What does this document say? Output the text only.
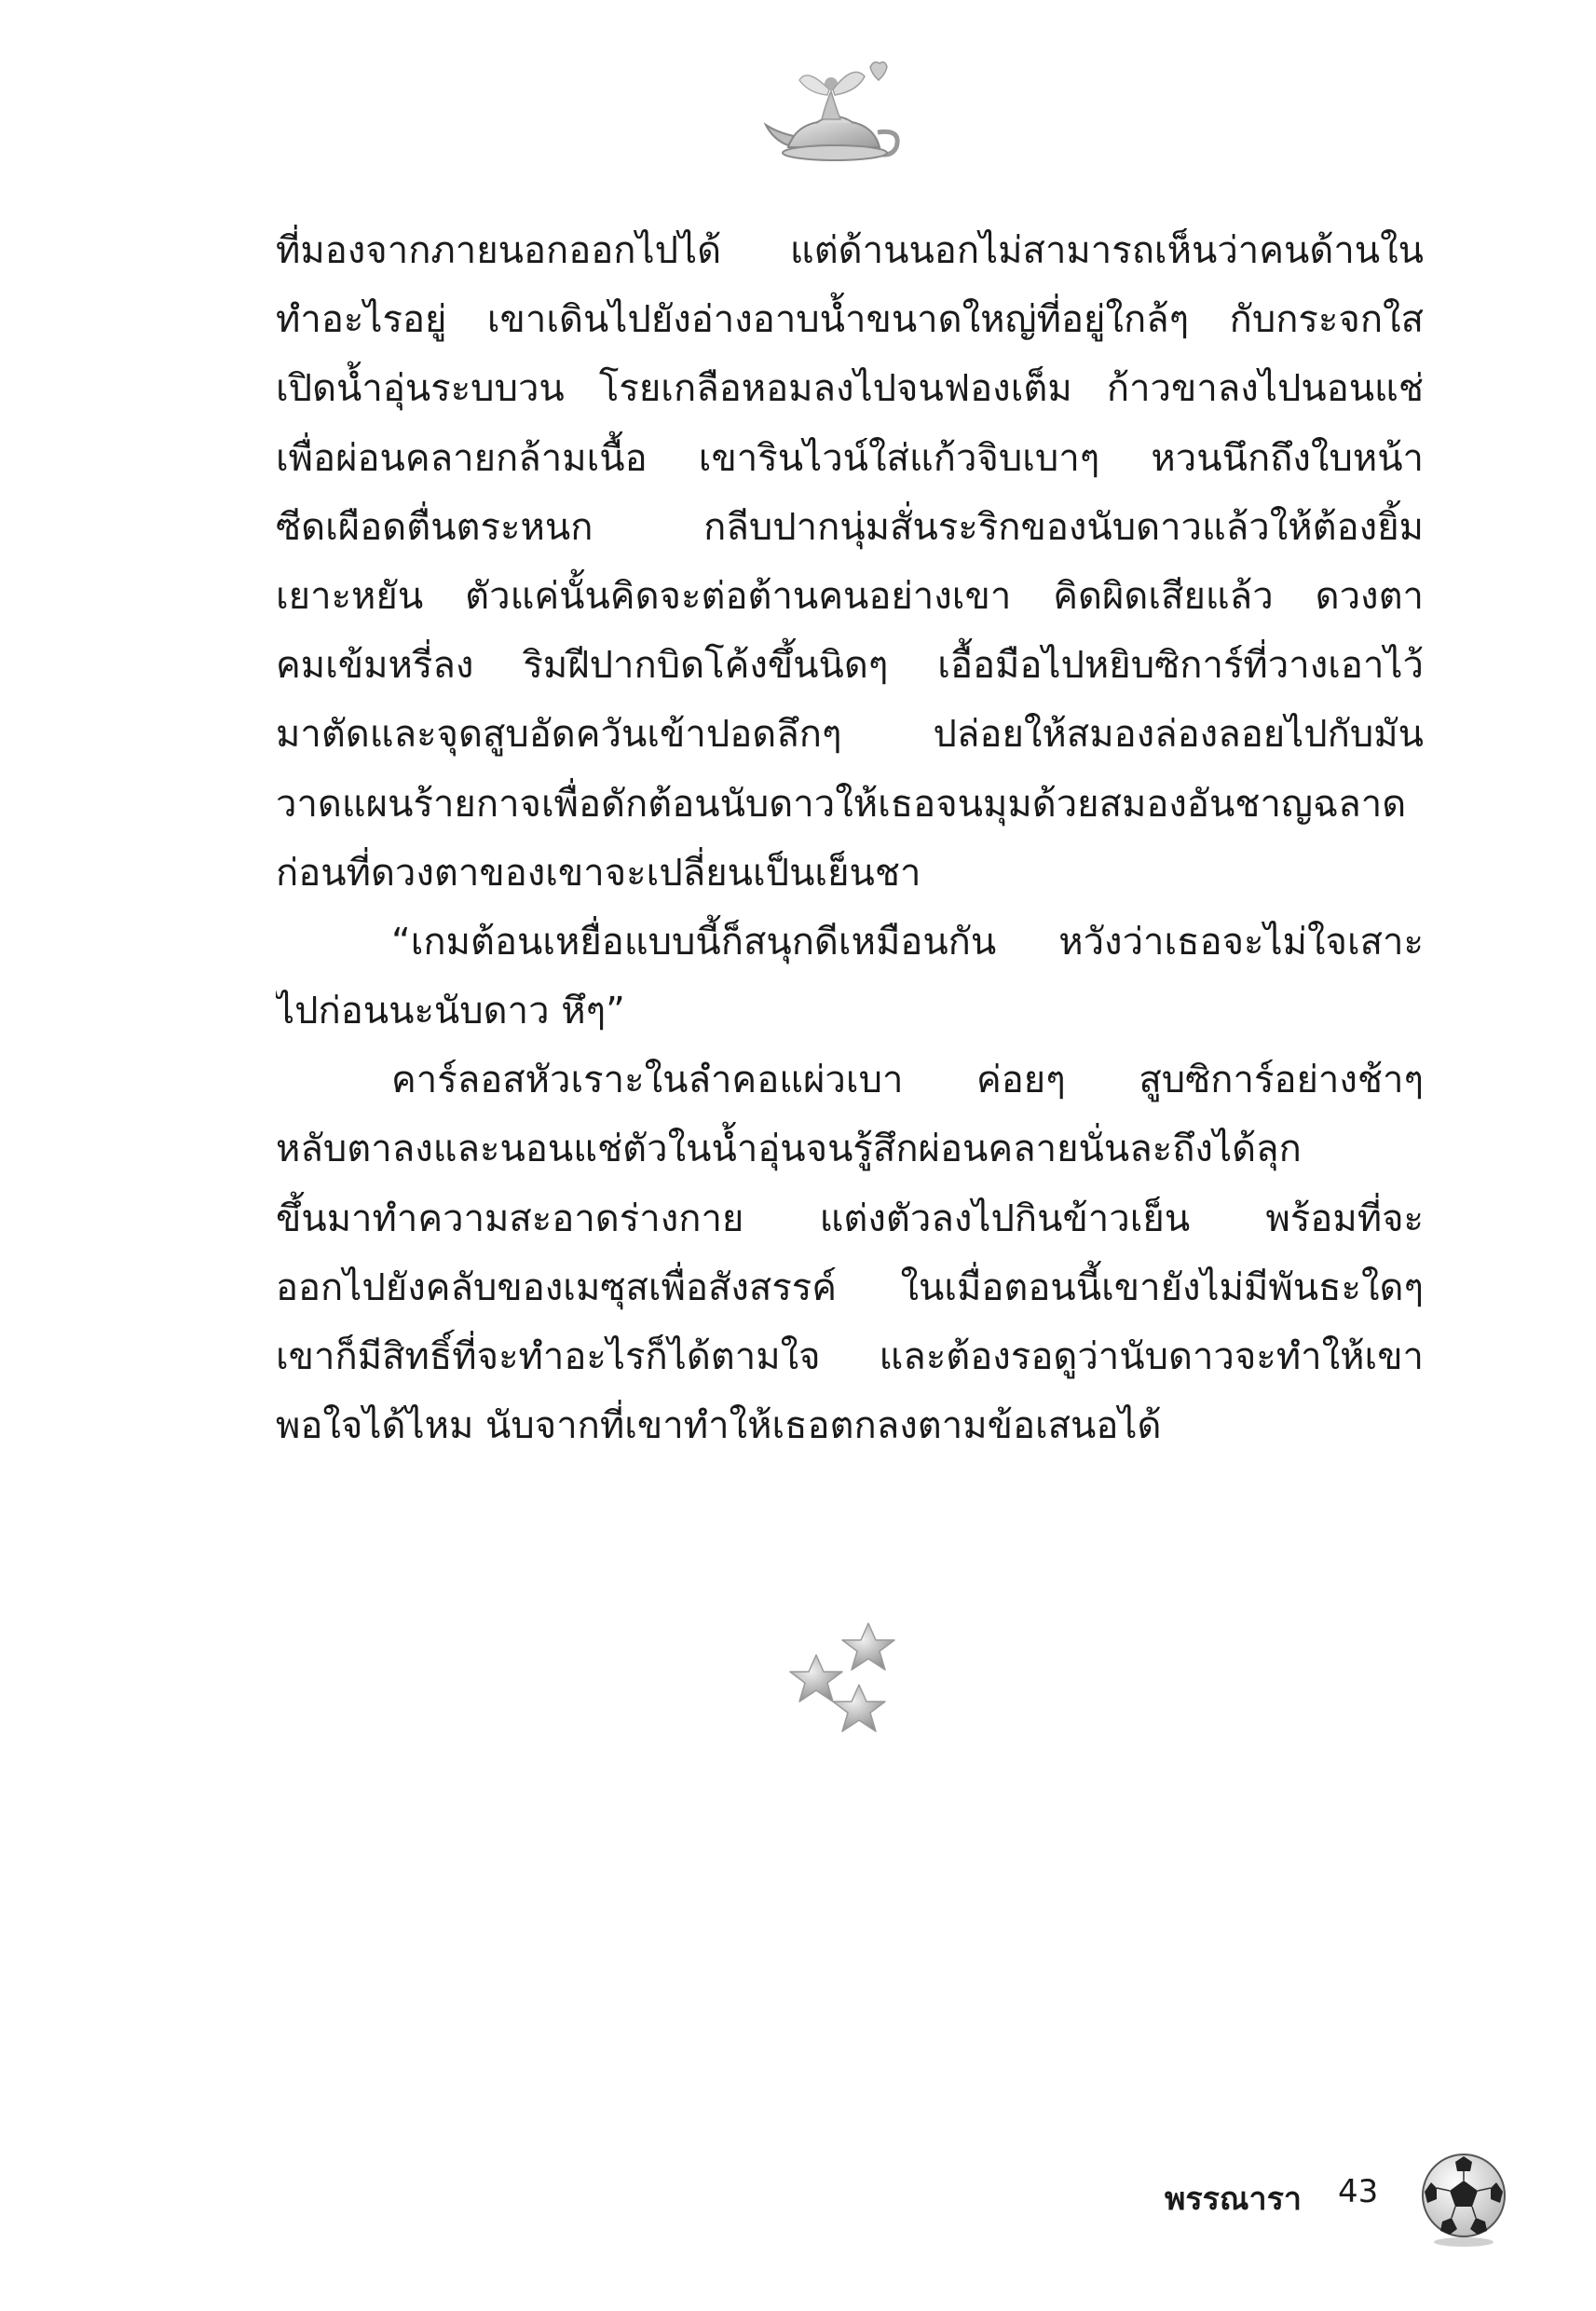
ที่มองจากภายนอกออกไปได้ แต่ด้านนอกไม่สามารถเห็นว่าคนด้านใน
ทำอะไรอยู่ เขาเดินไปยังอ่างอาบน้ำขนาดใหญ่ที่อยู่ใกล้ๆ กับกระจกใส
เปิดน้ำอุ่นระบบวน โรยเกลือหอมลงไปจนฟองเต็ม ก้าวขาลงไปนอนแช่
เพื่อผ่อนคลายกล้ามเนื้อ เขารินไวน์ใส่แก้วจิบเบาๆ หวนนึกถึงใบหน้า
ซีดเผือดตื่นตระหนก กลีบปากนุ่มสั่นระริกของนับดาวแล้วให้ต้องยิ้ม
เยาะหยัน ตัวแค่นั้นคิดจะต่อต้านคนอย่างเขา คิดผิดเสียแล้ว ดวงตา
คมเข้มหรี่ลง ริมฝีปากบิดโค้งขึ้นนิดๆ เอื้อมือไปหยิบซิการ์ที่วางเอาไว้
มาตัดและจุดสูบอัดควันเข้าปอดลึกๆ ปล่อยให้สมองล่องลอยไปกับมัน
วาดแผนร้ายกาจเพื่อดักต้อนนับดาวให้เธอจนมุมด้วยสมองอันชาญฉลาด
ก่อนที่ดวงตาของเขาจะเปลี่ยนเป็นเย็นชา
“เกมต้อนเหยื่อแบบนี้ก็สนุกดีเหมือนกัน หวังว่าเธอจะไม่ใจเสาะ
ไปก่อนนะนับดาว หึๆ”
คาร์ลอสหัวเราะในลำคอแผ่วเบา ค่อยๆ สูบซิการ์อย่างช้าๆ
หลับตาลงและนอนแช่ตัวในน้ำอุ่นจนรู้สึกผ่อนคลายนั่นละถึงได้ลุก
ขึ้นมาทำความสะอาดร่างกาย แต่งตัวลงไปกินข้าวเย็น พร้อมที่จะ
ออกไปยังคลับของเมซุสเพื่อสังสรรค์ ในเมื่อตอนนี้เขายังไม่มีพันธะใดๆ
เขาก็มีสิทธิ์ที่จะทำอะไรก็ได้ตามใจ และต้องรอดูว่านับดาวจะทำให้เขา
พอใจได้ไหม นับจากที่เขาทำให้เธอตกลงตามข้อเสนอได้
พรรณารา 43
